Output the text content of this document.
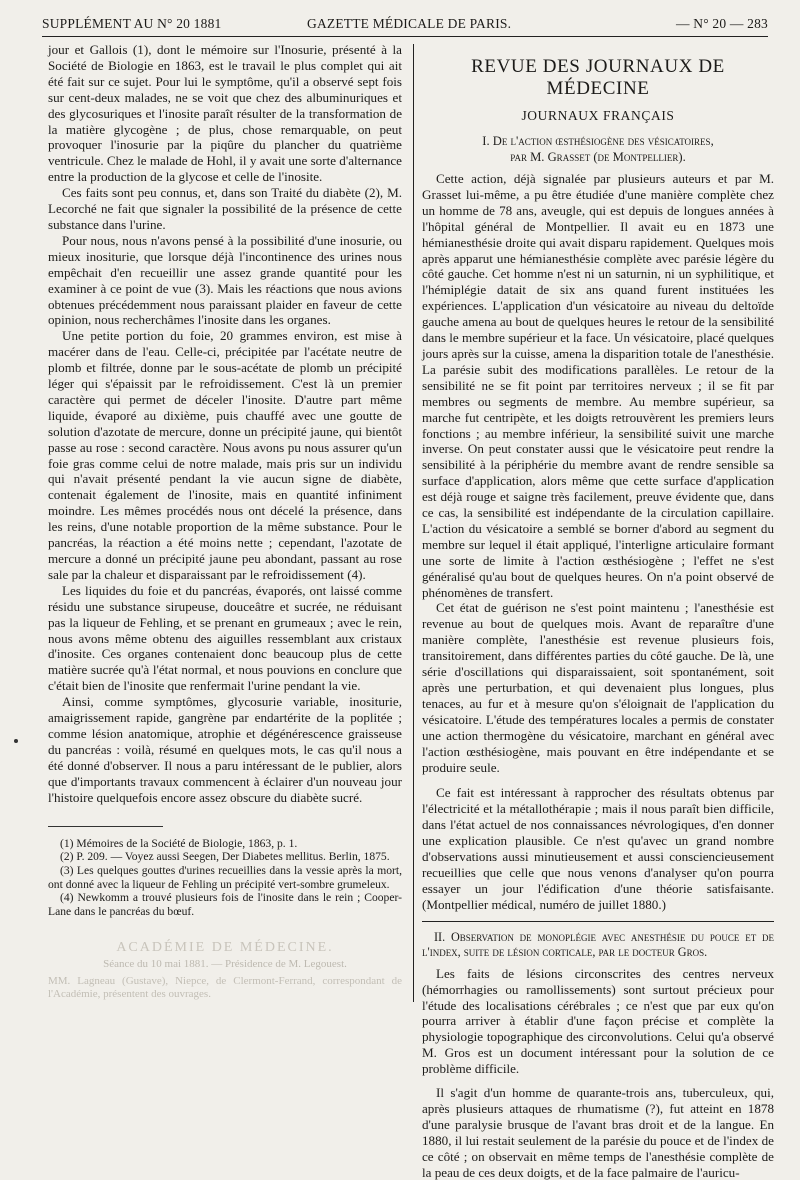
SUPPLÉMENT AU N° 20 1881	GAZETTE MÉDICALE DE PARIS.	— N° 20 — 283

jour et Gallois (1), dont le mémoire sur l'Inosurie, présenté à la Société de Biologie en 1863, est le travail le plus complet qui ait été fait sur ce sujet. Pour lui le symptôme, qu'il a observé sept fois sur cent-deux malades, ne se voit que chez des albuminuriques et des glycosuriques et l'inosite paraît résulter de la transformation de la matière glycogène ; de plus, chose remarquable, on peut provoquer l'inosurie par la piqûre du plancher du quatrième ventricule. Chez le malade de Hohl, il y avait une sorte d'alternance entre la production de la glycose et celle de l'inosite.

Ces faits sont peu connus, et, dans son Traité du diabète (2), M. Lecorché ne fait que signaler la possibilité de la présence de cette substance dans l'urine.

Pour nous, nous n'avons pensé à la possibilité d'une inosurie, ou mieux inositurie, que lorsque déjà l'incontinence des urines nous empêchait d'en recueillir une assez grande quantité pour les examiner à ce point de vue (3). Mais les réactions que nous avions obtenues précédemment nous paraissant plaider en faveur de cette opinion, nous recherchâmes l'inosite dans les organes.

Une petite portion du foie, 20 grammes environ, est mise à macérer dans de l'eau. Celle-ci, précipitée par l'acétate neutre de plomb et filtrée, donne par le sous-acétate de plomb un précipité léger qui s'épaissit par le refroidissement. C'est là un premier caractère qui permet de déceler l'inosite. D'autre part même liquide, évaporé au dixième, puis chauffé avec une goutte de solution d'azotate de mercure, donne un précipité jaune, qui bientôt passe au rose : second caractère. Nous avons pu nous assurer qu'un foie gras comme celui de notre malade, mais pris sur un individu qui n'avait présenté pendant la vie aucun signe de diabète, contenait également de l'inosite, mais en quantité infiniment moindre. Les mêmes procédés nous ont décelé la présence, dans les reins, d'une notable proportion de la même substance. Pour le pancréas, la réaction a été moins nette ; cependant, l'azotate de mercure a donné un précipité jaune peu abondant, passant au rose sale par la chaleur et disparaissant par le refroidissement (4).

Les liquides du foie et du pancréas, évaporés, ont laissé comme résidu une substance sirupeuse, douceâtre et sucrée, ne réduisant pas la liqueur de Fehling, et se prenant en grumeaux ; avec le rein, nous avons même obtenu des aiguilles ressemblant aux cristaux d'inosite. Ces organes contenaient donc beaucoup plus de cette matière sucrée qu'à l'état normal, et nous pouvions en conclure que c'était bien de l'inosite que renfermait l'urine pendant la vie.

Ainsi, comme symptômes, glycosurie variable, inositurie, amaigrissement rapide, gangrène par endartérite de la poplitée ; comme lésion anatomique, atrophie et dégénérescence graisseuse du pancréas : voilà, résumé en quelques mots, le cas qu'il nous a été donné d'observer. Il nous a paru intéressant de le publier, alors que d'importants travaux commencent à éclairer d'un nouveau jour l'histoire quelquefois encore assez obscure du diabète sucré.

(1) Mémoires de la Société de Biologie, 1863, p. 1.

(2) P. 209. — Voyez aussi Seegen, Der Diabetes mellitus. Berlin, 1875.

(3) Les quelques gouttes d'urines recueillies dans la vessie après la mort, ont donné avec la liqueur de Fehling un précipité vert-sombre grumeleux.

(4) Newkomm a trouvé plusieurs fois de l'inosite dans le rein ; Cooper-Lane dans le pancréas du bœuf.

ACADÉMIE DE MÉDECINE.
Séance du 10 mai 1881. — Présidence de M. Legouest.
MM. Lagneau (Gustave), Niepce, de Clermont-Ferrand, correspondant de l'Académie, présentent des ouvrages.
REVUE DES JOURNAUX DE MÉDECINE
JOURNAUX FRANÇAIS
I. De l'action œsthésiogène des vésicatoires,
par M. Grasset (de Montpellier).

Cette action, déjà signalée par plusieurs auteurs et par M. Grasset lui-même, a pu être étudiée d'une manière complète chez un homme de 78 ans, aveugle, qui est depuis de longues années à l'hôpital général de Montpellier. Il avait eu en 1873 une hémianesthésie droite qui avait disparu rapidement. Quelques mois après apparut une hémianesthésie complète avec parésie légère du côté gauche. Cet homme n'est ni un saturnin, ni un syphilitique, et l'hémiplégie datait de six ans quand furent instituées les expériences. L'application d'un vésicatoire au niveau du deltoïde gauche amena au bout de quelques heures le retour de la sensibilité dans le membre supérieur et la face. Un vésicatoire, placé quelques jours après sur la cuisse, amena la disparition totale de l'anesthésie. La parésie subit des modifications parallèles. Le retour de la sensibilité ne se fit point par territoires nerveux ; il se fit par membres ou segments de membre. Au membre supérieur, sa marche fut centripète, et les doigts retrouvèrent les premiers leurs fonctions ; au membre inférieur, la sensibilité suivit une marche inverse. On peut constater aussi que le vésicatoire peut rendre la sensibilité à la périphérie du membre avant de rendre sensible sa surface d'application, alors même que cette surface d'application est déjà rouge et saigne très facilement, preuve évidente que, dans ce cas, la sensibilité est indépendante de la circulation capillaire. L'action du vésicatoire a semblé se borner d'abord au segment du membre sur lequel il était appliqué, l'interligne articulaire formant une sorte de limite à l'action œsthésiogène ; l'effet ne s'est généralisé qu'au bout de quelques heures. On n'a point observé de phénomènes de transfert.

Cet état de guérison ne s'est point maintenu ; l'anesthésie est revenue au bout de quelques mois. Avant de reparaître d'une manière complète, l'anesthésie est revenue plusieurs fois, transitoirement, dans différentes parties du côté gauche. De là, une série d'oscillations qui disparaissaient, soit spontanément, soit après une perturbation, et qui devenaient plus longues, plus tenaces, au fur et à mesure qu'on s'éloignait de l'application du vésicatoire. L'étude des températures locales a permis de constater une action thermogène du vésicatoire, marchant en général avec l'action œsthésiogène, mais pouvant en être indépendante et se produire seule.

Ce fait est intéressant à rapprocher des résultats obtenus par l'électricité et la métallothérapie ; mais il nous paraît bien difficile, dans l'état actuel de nos connaissances névrologiques, d'en donner une explication plausible. Ce n'est qu'avec un grand nombre d'observations aussi minutieusement et aussi consciencieusement recueillies que celle que nous venons d'analyser qu'on pourra essayer un jour l'édification d'une théorie satisfaisante. (Montpellier médical, numéro de juillet 1880.)

II. Observation de monoplégie avec anesthésie du pouce et de l'index, suite de lésion corticale, par le docteur Gros.

Les faits de lésions circonscrites des centres nerveux (hémorrhagies ou ramollissements) sont surtout précieux pour l'étude des localisations cérébrales ; ce n'est que par eux qu'on pourra arriver à établir d'une façon précise et complète la physiologie topographique des circonvolutions. Celui qu'a observé M. Gros est un document intéressant pour la solution de ce problème difficile.

Il s'agit d'un homme de quarante-trois ans, tuberculeux, qui, après plusieurs attaques de rhumatisme (?), fut atteint en 1878 d'une paralysie brusque de l'avant bras droit et de la langue. En 1880, il lui restait seulement de la parésie du pouce et de l'index de ce côté ; on observait en même temps de l'anesthésie complète de la peau de ces deux doigts, et de la face palmaire de l'auricu-
